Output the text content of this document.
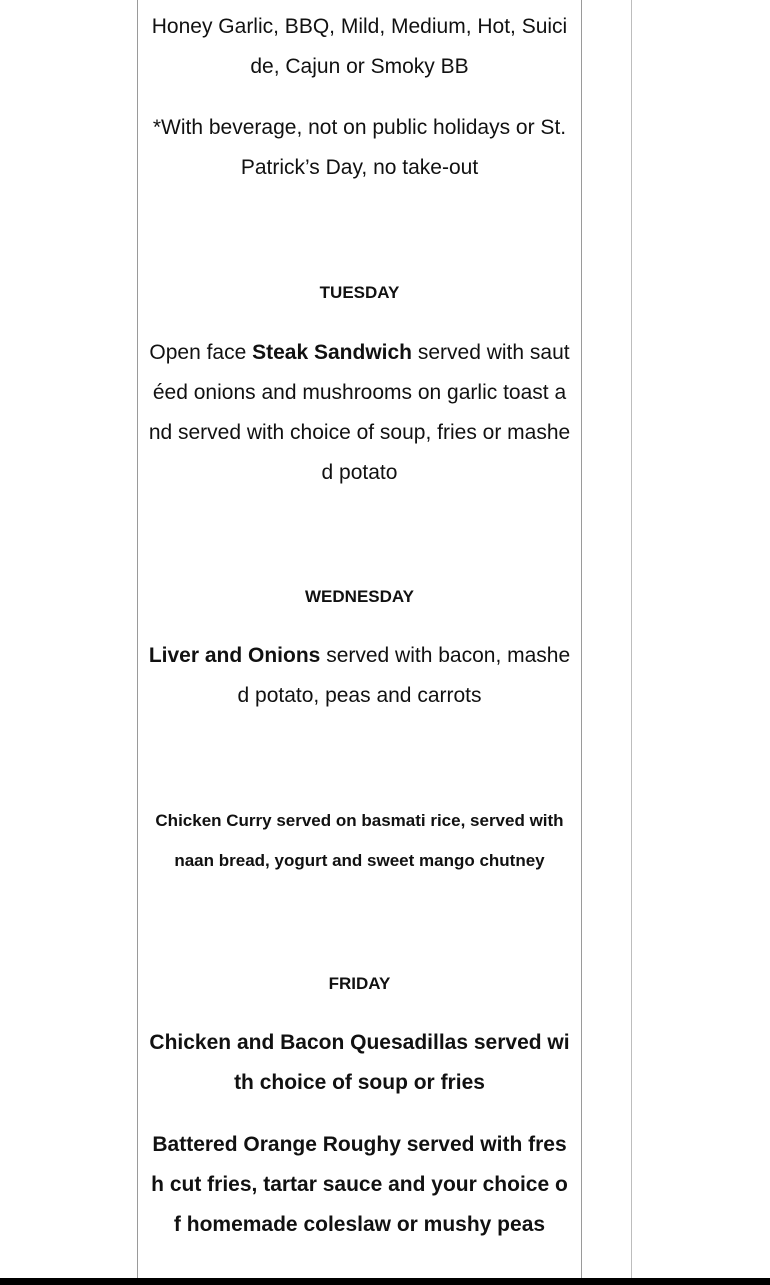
Honey Garlic, BBQ, Mild, Medium, Hot, Suicide, Cajun or Smoky BB

*With beverage, not on public holidays or St. Patrick’s Day, no take-out

TUESDAY

Open face Steak Sandwich served with sautéed onions and mushrooms on garlic toast and served with choice of soup, fries or mashed potato

WEDNESDAY

Liver and Onions served with bacon, mashed potato, peas and carrots

Chicken Curry served on basmati rice, served with naan bread, yogurt and sweet mango chutney

FRIDAY

Chicken and Bacon Quesadillas served with choice of soup or fries

Battered Orange Roughy served with fresh cut fries, tartar sauce and your choice of homemade coleslaw or mushy peas
